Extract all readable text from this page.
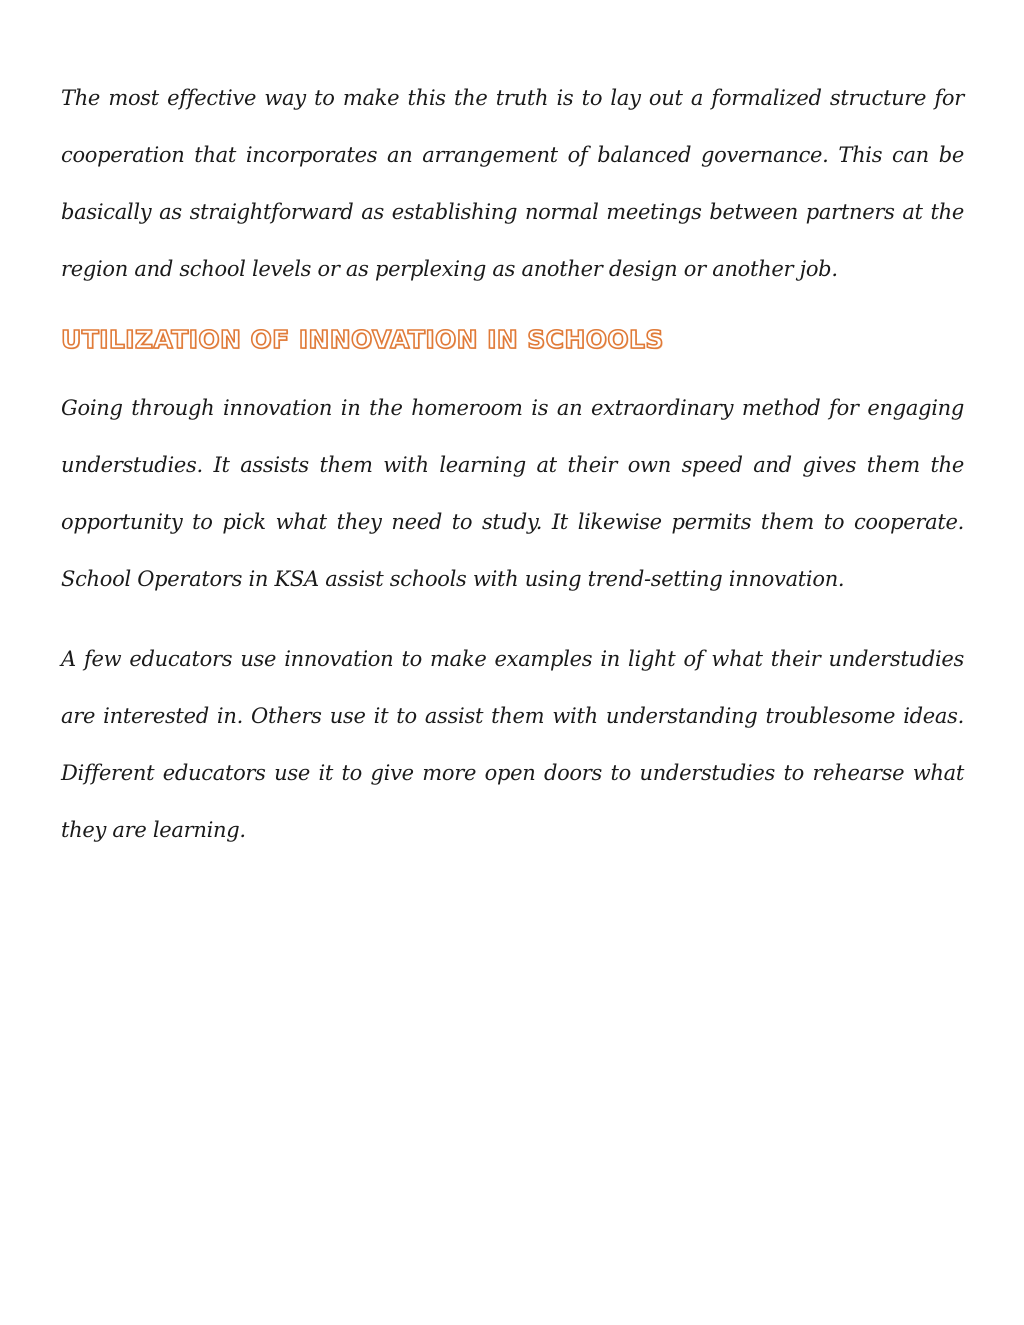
The most effective way to make this the truth is to lay out a formalized structure for cooperation that incorporates an arrangement of balanced governance. This can be basically as straightforward as establishing normal meetings between partners at the region and school levels or as perplexing as another design or another job.

UTILIZATION OF INNOVATION IN SCHOOLS

Going through innovation in the homeroom is an extraordinary method for engaging understudies. It assists them with learning at their own speed and gives them the opportunity to pick what they need to study. It likewise permits them to cooperate. School Operators in KSA assist schools with using trend-setting innovation.

A few educators use innovation to make examples in light of what their understudies are interested in. Others use it to assist them with understanding troublesome ideas. Different educators use it to give more open doors to understudies to rehearse what they are learning.
